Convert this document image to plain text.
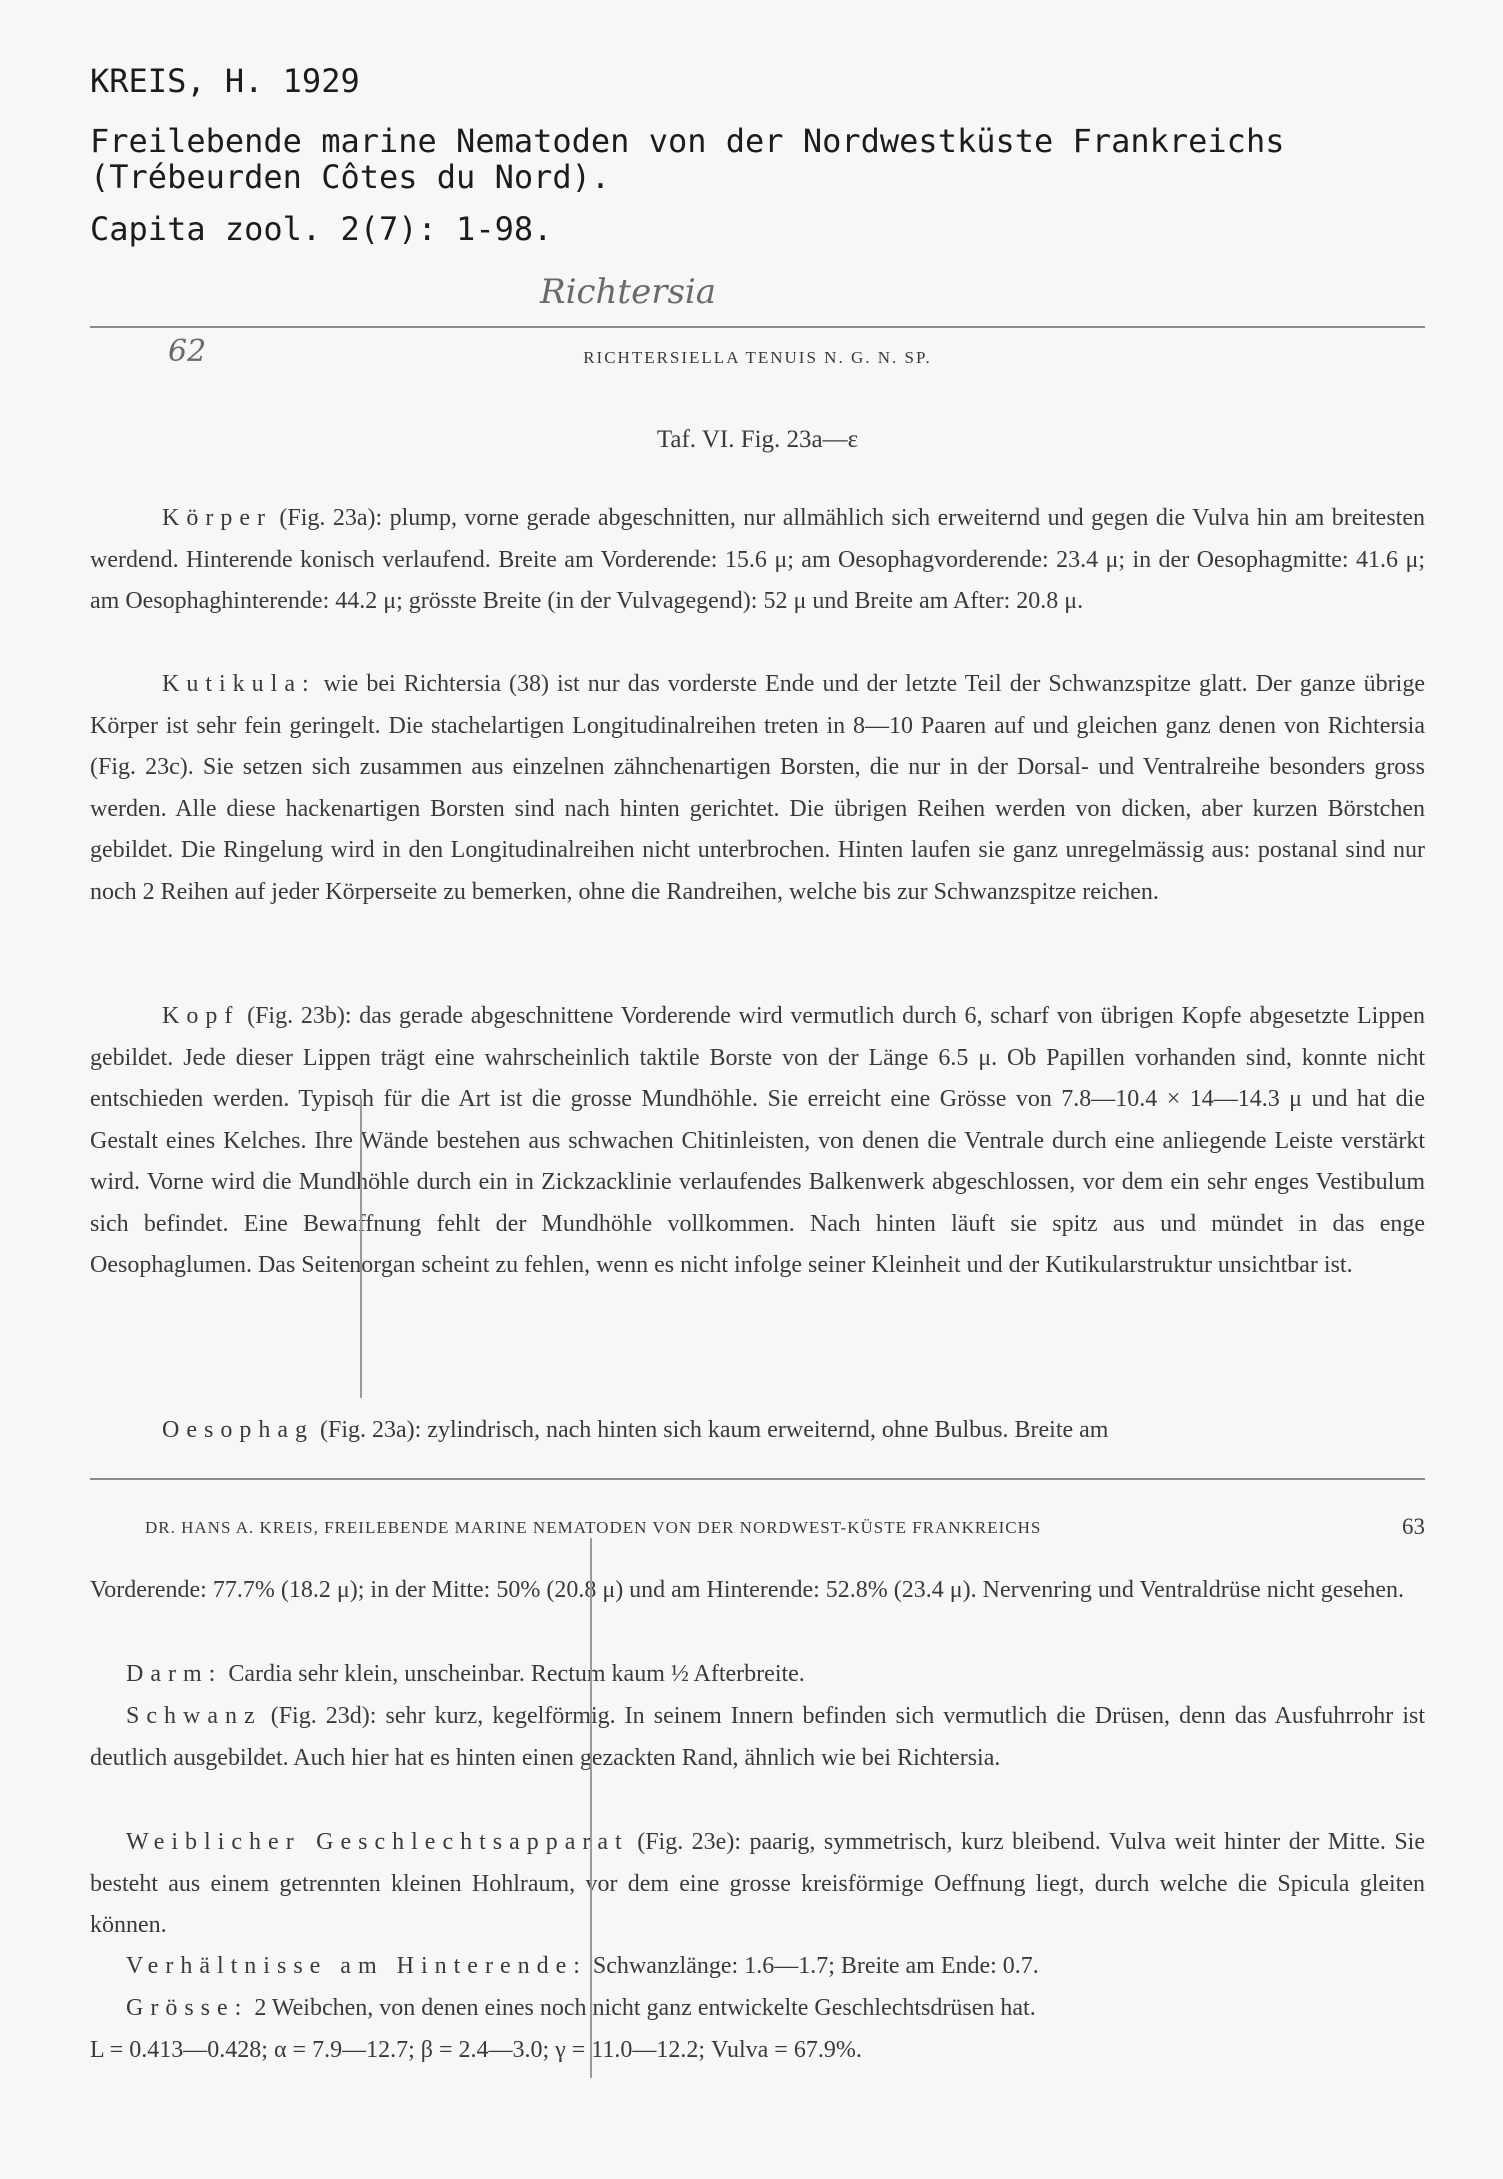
KREIS, H. 1929
Freilebende marine Nematoden von der Nordwestküste Frankreichs
(Trébeurden Côtes du Nord).
Capita zool. 2(7): 1-98.
Richtersia
62	RICHTERSIELLA TENUIS N. G. N. SP.
Taf. VI. Fig. 23a—ε
Körper (Fig. 23a): plump, vorne gerade abgeschnitten, nur allmählich sich erweiternd und gegen die Vulva hin am breitesten werdend. Hinterende konisch verlaufend. Breite am Vorderende: 15.6 μ; am Oesophagvorderende: 23.4 μ; in der Oesophagmitte: 41.6 μ; am Oesophaghinterende: 44.2 μ; grösste Breite (in der Vulvagegend): 52 μ und Breite am After: 20.8 μ.
Kutikula: wie bei Richtersia (38) ist nur das vorderste Ende und der letzte Teil der Schwanzspitze glatt. Der ganze übrige Körper ist sehr fein geringelt. Die stachelartigen Longitudinalreihen treten in 8—10 Paaren auf und gleichen ganz denen von Richtersia (Fig. 23c). Sie setzen sich zusammen aus einzelnen zähnchenartigen Borsten, die nur in der Dorsal- und Ventralreihe besonders gross werden. Alle diese hackenartigen Borsten sind nach hinten gerichtet. Die übrigen Reihen werden von dicken, aber kurzen Börstchen gebildet. Die Ringelung wird in den Longitudinalreihen nicht unterbrochen. Hinten laufen sie ganz unregelmässig aus: postanal sind nur noch 2 Reihen auf jeder Körperseite zu bemerken, ohne die Randreihen, welche bis zur Schwanzspitze reichen.
Kopf (Fig. 23b): das gerade abgeschnittene Vorderende wird vermutlich durch 6, scharf von übrigen Kopfe abgesetzte Lippen gebildet. Jede dieser Lippen trägt eine wahrscheinlich taktile Borste von der Länge 6.5 μ. Ob Papillen vorhanden sind, konnte nicht entschieden werden. Typisch für die Art ist die grosse Mundhöhle. Sie erreicht eine Grösse von 7.8—10.4 × 14—14.3 μ und hat die Gestalt eines Kelches. Ihre Wände bestehen aus schwachen Chitinleisten, von denen die Ventrale durch eine anliegende Leiste verstärkt wird. Vorne wird die Mundhöhle durch ein in Zickzacklinie verlaufendes Balkenwerk abgeschlossen, vor dem ein sehr enges Vestibulum sich befindet. Eine Bewaffnung fehlt der Mundhöhle vollkommen. Nach hinten läuft sie spitz aus und mündet in das enge Oesophaglumen. Das Seitenorgan scheint zu fehlen, wenn es nicht infolge seiner Kleinheit und der Kutikularstruktur unsichtbar ist.
Oesophag (Fig. 23a): zylindrisch, nach hinten sich kaum erweiternd, ohne Bulbus. Breite am
DR. HANS A. KREIS, FREILEBENDE MARINE NEMATODEN VON DER NORDWEST-KÜSTE FRANKREICHS	63
Vorderende: 77.7% (18.2 μ); in der Mitte: 50% (20.8 μ) und am Hinterende: 52.8% (23.4 μ). Nervenring und Ventraldrüse nicht gesehen.
Darm: Cardia sehr klein, unscheinbar. Rectum kaum ½ Afterbreite.
Schwanz (Fig. 23d): sehr kurz, kegelförmig. In seinem Innern befinden sich vermutlich die Drüsen, denn das Ausfuhrrohr ist deutlich ausgebildet. Auch hier hat es hinten einen gezackten Rand, ähnlich wie bei Richtersia.
Weiblicher Geschlechtsapparat (Fig. 23e): paarig, symmetrisch, kurz bleibend. Vulva weit hinter der Mitte. Sie besteht aus einem getrennten kleinen Hohlraum, vor dem eine grosse kreisförmige Oeffnung liegt, durch welche die Spicula gleiten können.
Verhältnisse am Hinterende: Schwanzlänge: 1.6—1.7; Breite am Ende: 0.7.
Grösse: 2 Weibchen, von denen eines noch nicht ganz entwickelte Geschlechtsdrüsen hat.
L = 0.413—0.428; α = 7.9—12.7; β = 2.4—3.0; γ = 11.0—12.2; Vulva = 67.9%.
